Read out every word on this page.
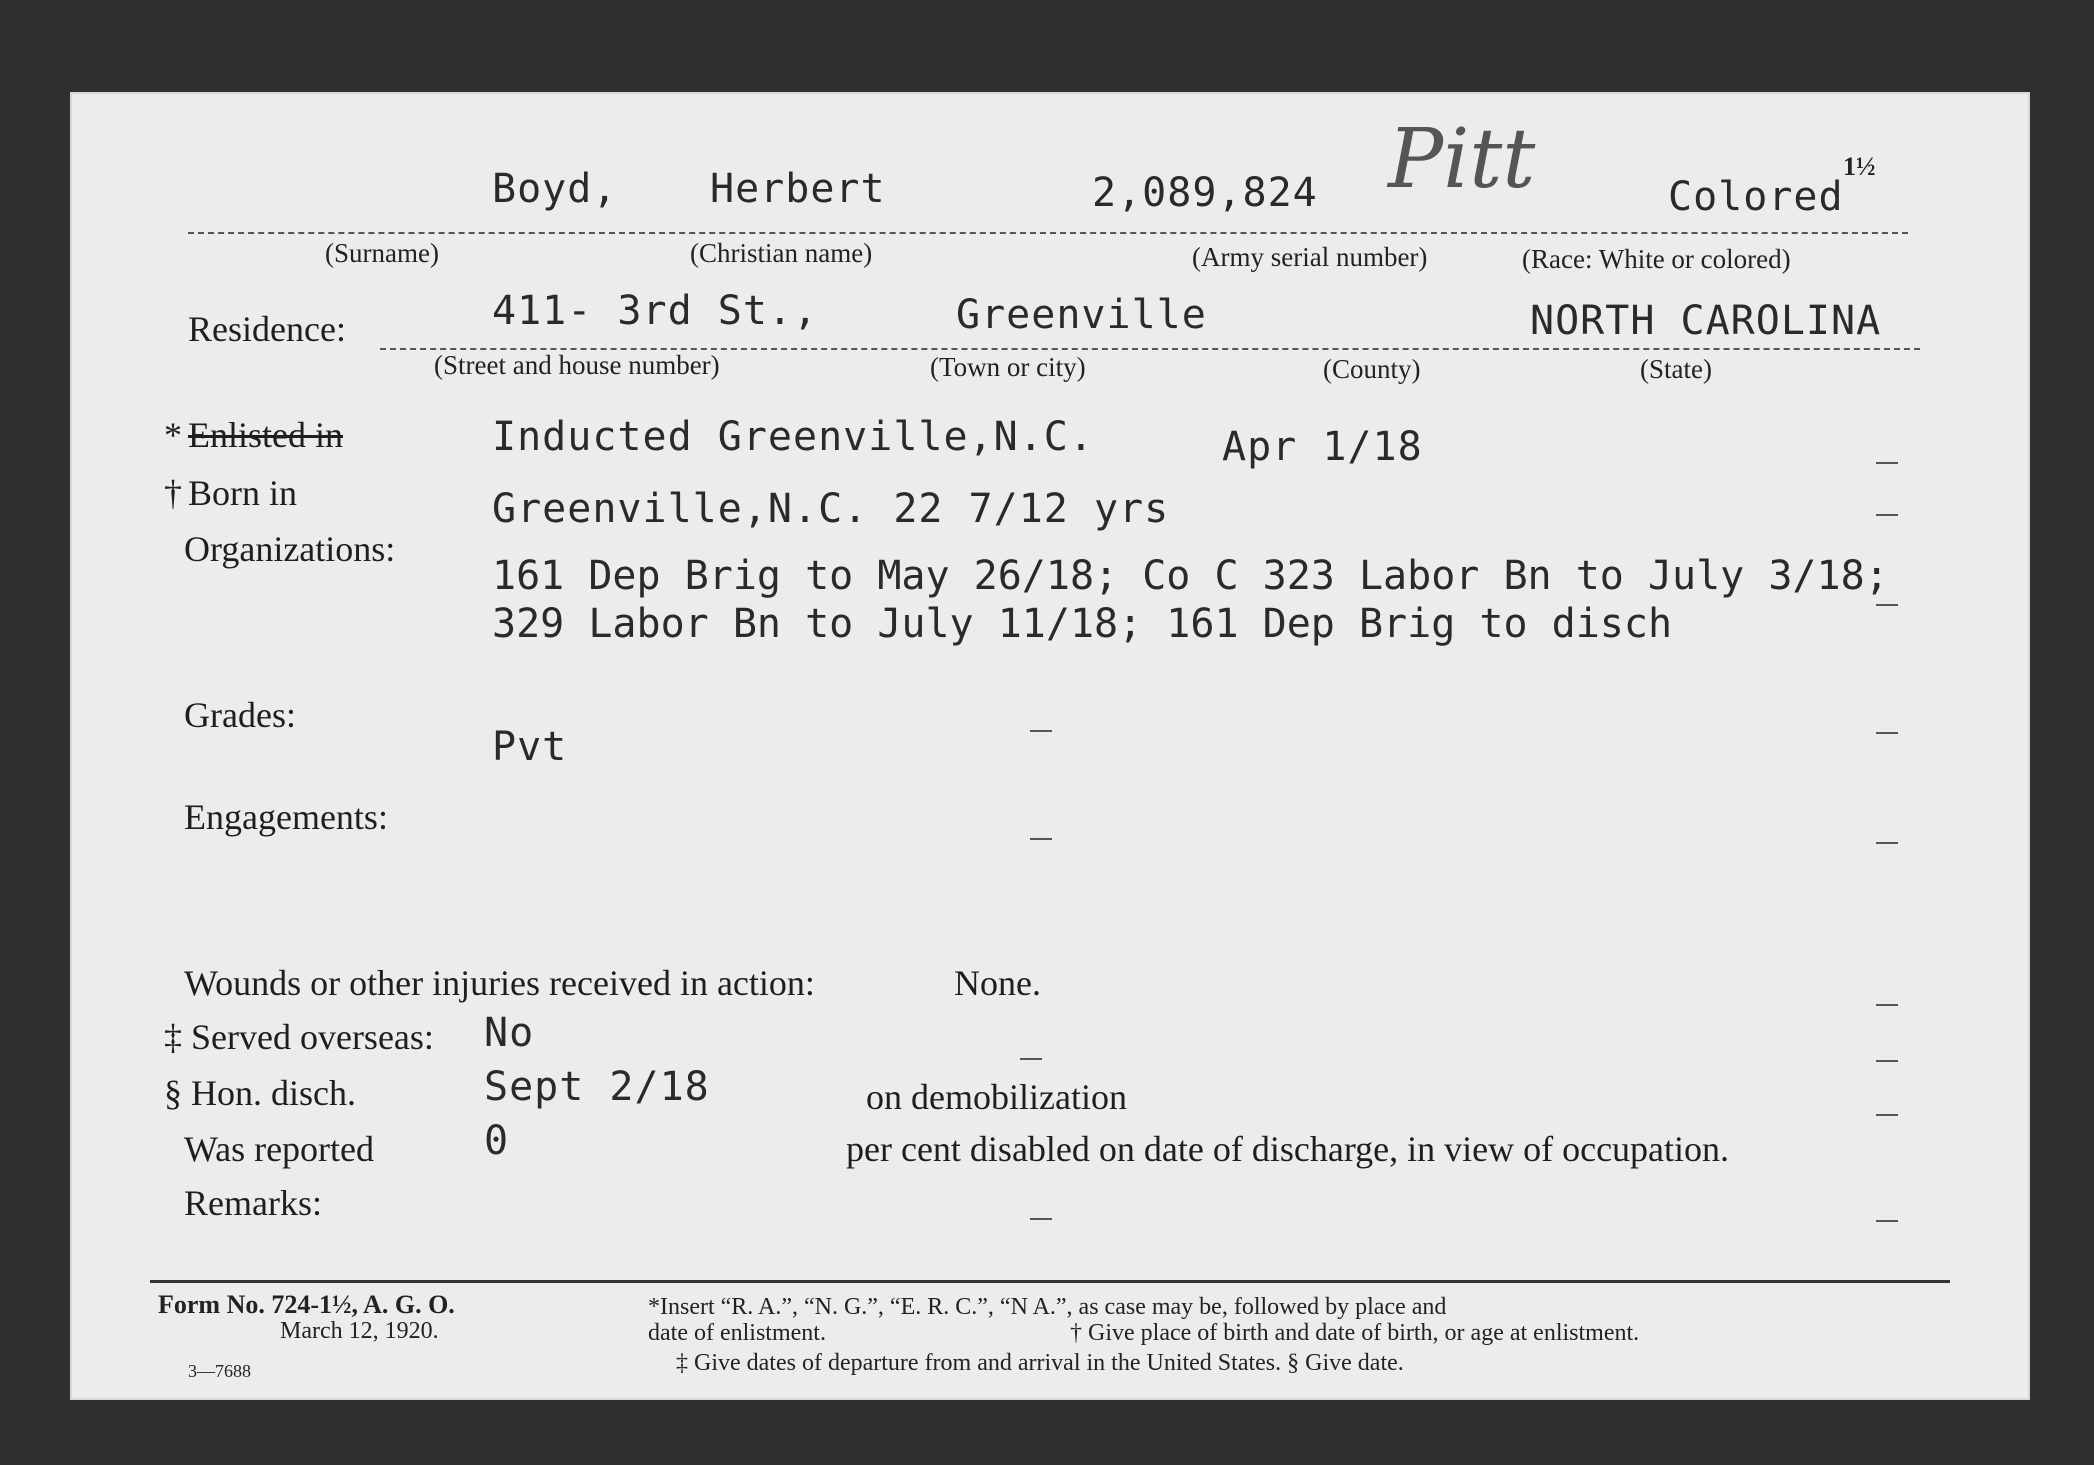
Boyd, Herbert	2,089,824 Pitt	Colored
1½
(Surname)	(Christian name)	(Army serial number)	(Race: White or colored)
Residence:	411- 3rd St.,	Greenville	NORTH CAROLINA
(Street and house number)	(Town or city)	(County)	(State)
* Enlisted in	Inducted Greenville,N.C.	Apr 1/18
† Born in	Greenville,N.C. 22 7/12 yrs
Organizations:
161 Dep Brig to May 26/18; Co C 323 Labor Bn to July 3/18; 329 Labor Bn to July 11/18; 161 Dep Brig to disch
Grades:
Pvt
Engagements:
Wounds or other injuries received in action:	None.
‡ Served overseas: No
§ Hon. disch.	Sept 2/18	on demobilization
Was reported	0	per cent disabled on date of discharge, in view of occupation.
Remarks:
Form No. 724-1½, A. G. O.
March 12, 1920.
3—7688
*Insert “R. A.”, “N. G.”, “E. R. C.”, “N A.”, as case may be, followed by place and
date of enlistment.	† Give place of birth and date of birth, or age at enlistment.
‡ Give dates of departure from and arrival in the United States. § Give date.
